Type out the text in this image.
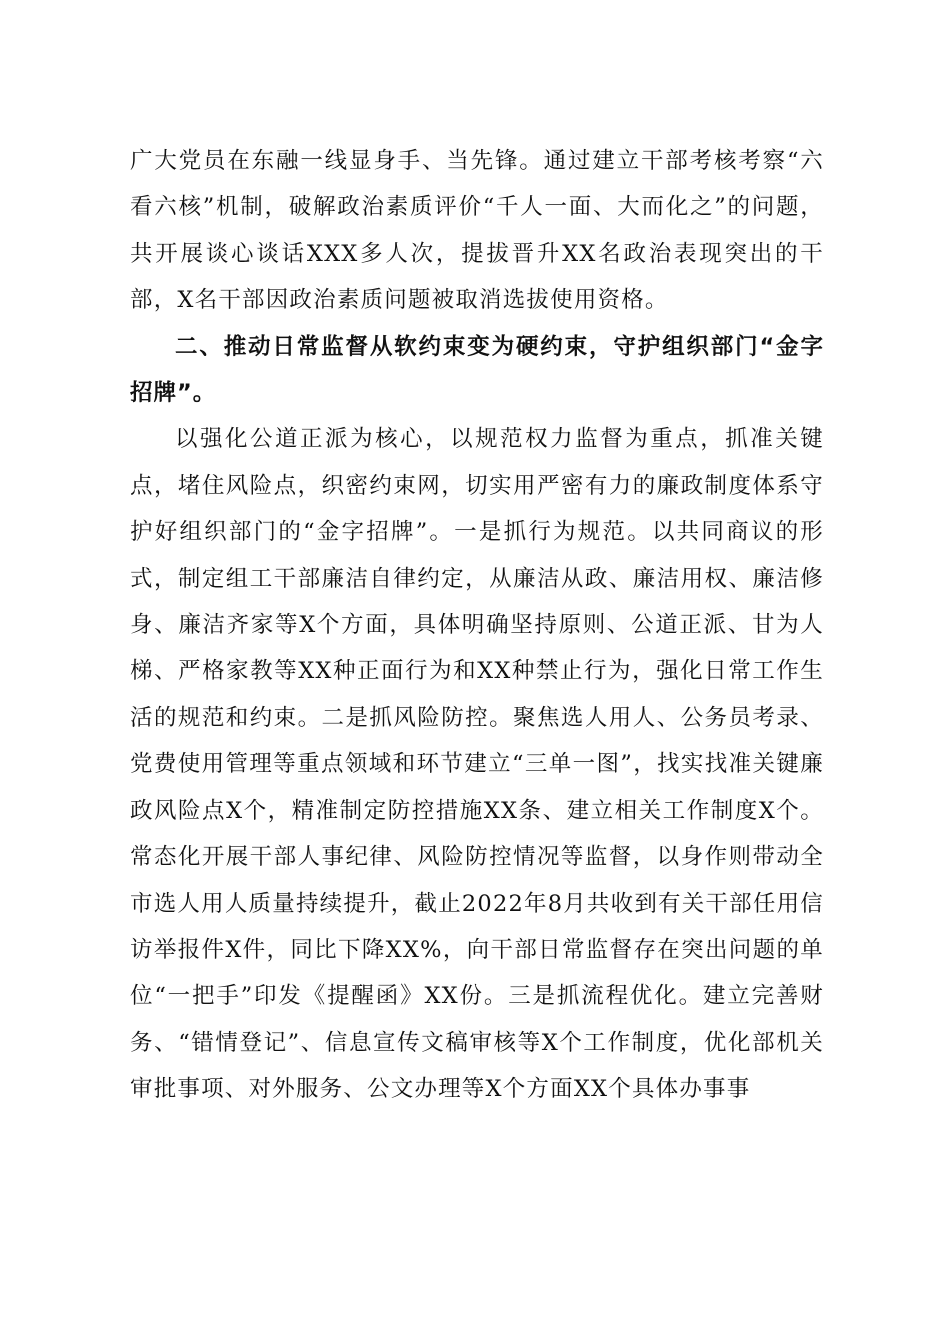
广大党员在东融一线显身手、当先锋。通过建立干部考核考察“六看六核”机制，破解政治素质评价“千人一面、大而化之”的问题，共开展谈心谈话XXX多人次，提拔晋升XX名政治表现突出的干部，X名干部因政治素质问题被取消选拔使用资格。

二、推动日常监督从软约束变为硬约束，守护组织部门“金字招牌”。

以强化公道正派为核心，以规范权力监督为重点，抓准关键点，堵住风险点，织密约束网，切实用严密有力的廉政制度体系守护好组织部门的“金字招牌”。一是抓行为规范。以共同商议的形式，制定组工干部廉洁自律约定，从廉洁从政、廉洁用权、廉洁修身、廉洁齐家等X个方面，具体明确坚持原则、公道正派、甘为人梯、严格家教等XX种正面行为和XX种禁止行为，强化日常工作生活的规范和约束。二是抓风险防控。聚焦选人用人、公务员考录、党费使用管理等重点领域和环节建立“三单一图”，找实找准关键廉政风险点X个，精准制定防控措施XX条、建立相关工作制度X个。常态化开展干部人事纪律、风险防控情况等监督，以身作则带动全市选人用人质量持续提升，截止2022年8月共收到有关干部任用信访举报件X件，同比下降XX%，向干部日常监督存在突出问题的单位“一把手”印发《提醒函》XX份。三是抓流程优化。建立完善财务、“错情登记”、信息宣传文稿审核等X个工作制度，优化部机关审批事项、对外服务、公文办理等X个方面XX个具体办事事
